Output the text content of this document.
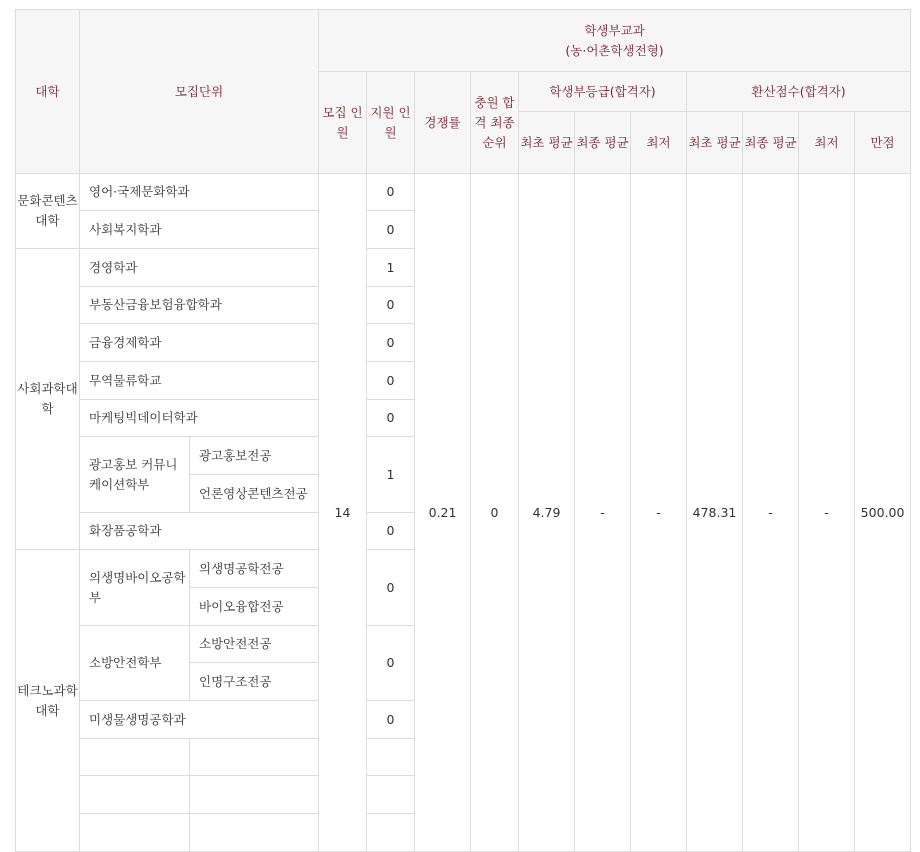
대학	모집단위		학생부교과
(농·어촌학생전형)										

			모집 인원	지원 인원	경쟁률	충원 합격 최종 순위	학생부등급(합격자)			환산점수(합격자)			
							최초 평균	최종 평균	최저	최초 평균	최종 평균	최저	만점
문화콘텐츠대학	영어·국제문화학과		14	0	0.21	0	4.79	-	-	478.31	-	-	500.00
	사회복지학과			0									
사회과학대학	경영학과			1									
	부동산금융보험융합학과			0									
	금융경제학과			0									
	무역물류학교			0									
	마케팅빅데이터학과			0									
	광고홍보 커뮤니케이션학부	광고홍보전공		1									
		언론영상콘텐츠전공											
	화장품공학과			0									
테크노과학대학	의생명바이오공학부	의생명공학전공		0									
		바이오융합전공											
	소방안전학부	소방안전전공		0									
		인명구조전공											
	미생물생명공학과			0									
